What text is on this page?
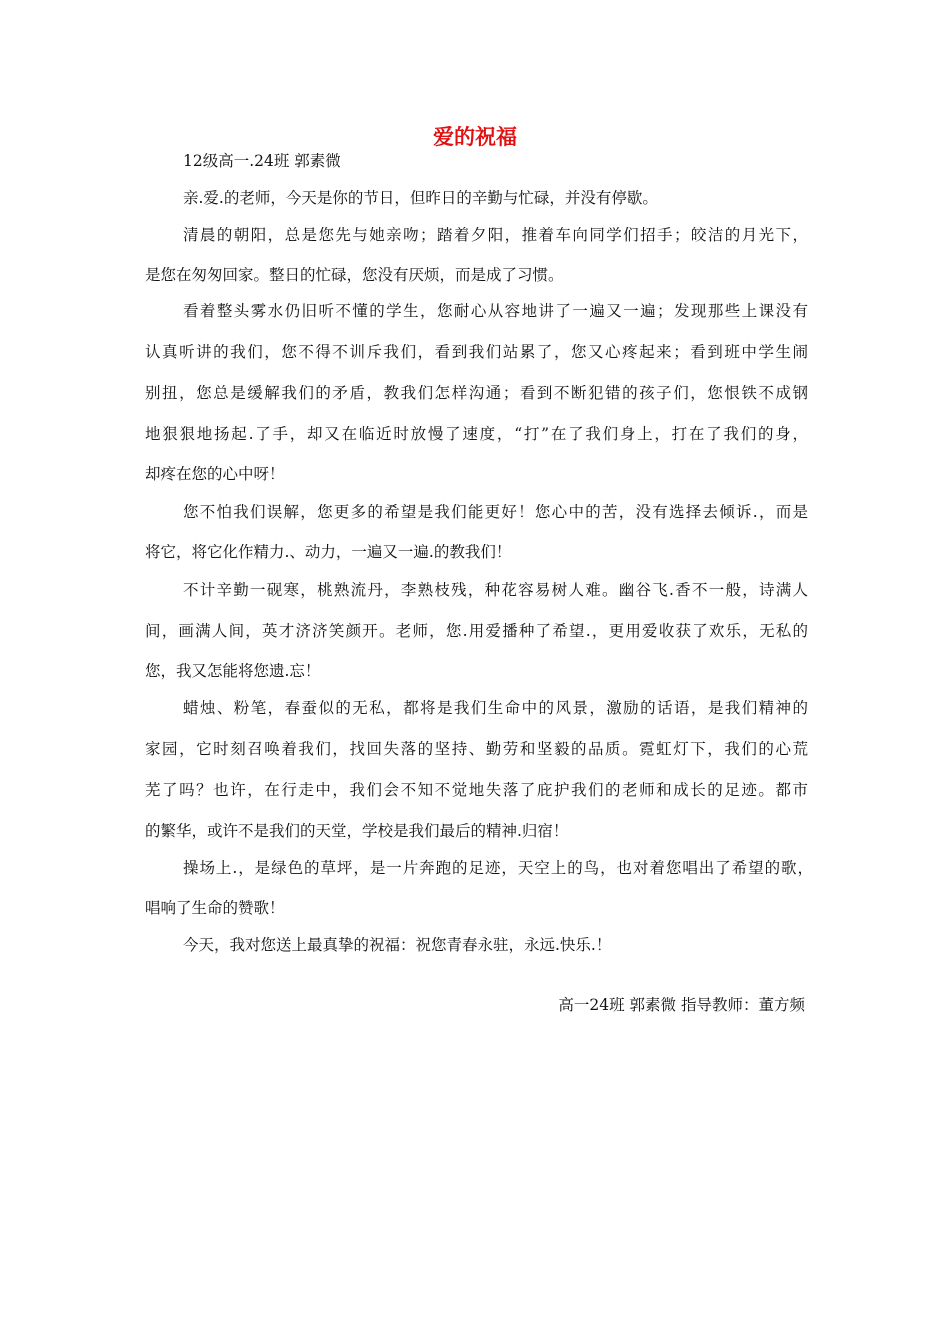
爱的祝福
12级高一.24班 郭素微
亲.爱.的老师，今天是你的节日，但昨日的辛勤与忙碌，并没有停歇。
清晨的朝阳，总是您先与她亲吻；踏着夕阳，推着车向同学们招手；皎洁的月光下，
是您在匆匆回家。整日的忙碌，您没有厌烦，而是成了习惯。
看着整头雾水仍旧听不懂的学生，您耐心从容地讲了一遍又一遍；发现那些上课没有
认真听讲的我们，您不得不训斥我们，看到我们站累了，您又心疼起来；看到班中学生闹
别扭，您总是缓解我们的矛盾，教我们怎样沟通；看到不断犯错的孩子们，您恨铁不成钢
地狠狠地扬起.了手，却又在临近时放慢了速度，“打”在了我们身上，打在了我们的身，
却疼在您的心中呀！
您不怕我们误解，您更多的希望是我们能更好！您心中的苦，没有选择去倾诉.，而是
将它，将它化作精力.、动力，一遍又一遍.的教我们！
不计辛勤一砚寒，桃熟流丹，李熟枝残，种花容易树人难。幽谷飞.香不一般，诗满人
间，画满人间，英才济济笑颜开。老师，您.用爱播种了希望.，更用爱收获了欢乐，无私的
您，我又怎能将您遗.忘！
蜡烛、粉笔，春蚕似的无私，都将是我们生命中的风景，激励的话语，是我们精神的
家园，它时刻召唤着我们，找回失落的坚持、勤劳和坚毅的品质。霓虹灯下，我们的心荒
芜了吗？也许，在行走中，我们会不知不觉地失落了庇护我们的老师和成长的足迹。都市
的繁华，或许不是我们的天堂，学校是我们最后的精神.归宿！
操场上.，是绿色的草坪，是一片奔跑的足迹，天空上的鸟，也对着您唱出了希望的歌，
唱响了生命的赞歌！
今天，我对您送上最真挚的祝福：祝您青春永驻，永远.快乐.！
高一24班 郭素微 指导教师：董方频
